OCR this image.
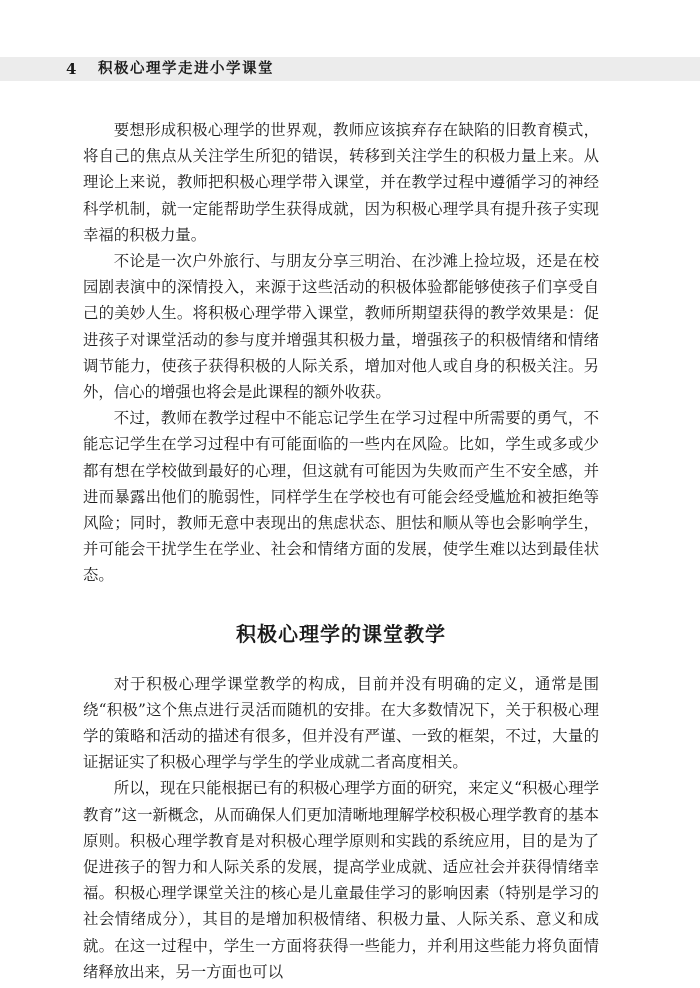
4 积极心理学走进小学课堂

要想形成积极心理学的世界观，教师应该摈弃存在缺陷的旧教育模式，将自己的焦点从关注学生所犯的错误，转移到关注学生的积极力量上来。从理论上来说，教师把积极心理学带入课堂，并在教学过程中遵循学习的神经科学机制，就一定能帮助学生获得成就，因为积极心理学具有提升孩子实现幸福的积极力量。

不论是一次户外旅行、与朋友分享三明治、在沙滩上捡垃圾，还是在校园剧表演中的深情投入，来源于这些活动的积极体验都能够使孩子们享受自己的美妙人生。将积极心理学带入课堂，教师所期望获得的教学效果是：促进孩子对课堂活动的参与度并增强其积极力量，增强孩子的积极情绪和情绪调节能力，使孩子获得积极的人际关系，增加对他人或自身的积极关注。另外，信心的增强也将会是此课程的额外收获。

不过，教师在教学过程中不能忘记学生在学习过程中所需要的勇气，不能忘记学生在学习过程中有可能面临的一些内在风险。比如，学生或多或少都有想在学校做到最好的心理，但这就有可能因为失败而产生不安全感，并进而暴露出他们的脆弱性，同样学生在学校也有可能会经受尴尬和被拒绝等风险；同时，教师无意中表现出的焦虑状态、胆怯和顺从等也会影响学生，并可能会干扰学生在学业、社会和情绪方面的发展，使学生难以达到最佳状态。

积极心理学的课堂教学

对于积极心理学课堂教学的构成，目前并没有明确的定义，通常是围绕“积极”这个焦点进行灵活而随机的安排。在大多数情况下，关于积极心理学的策略和活动的描述有很多，但并没有严谨、一致的框架，不过，大量的证据证实了积极心理学与学生的学业成就二者高度相关。

所以，现在只能根据已有的积极心理学方面的研究，来定义“积极心理学教育”这一新概念，从而确保人们更加清晰地理解学校积极心理学教育的基本原则。积极心理学教育是对积极心理学原则和实践的系统应用，目的是为了促进孩子的智力和人际关系的发展，提高学业成就、适应社会并获得情绪幸福。积极心理学课堂关注的核心是儿童最佳学习的影响因素（特别是学习的社会情绪成分），其目的是增加积极情绪、积极力量、人际关系、意义和成就。在这一过程中，学生一方面将获得一些能力，并利用这些能力将负面情绪释放出来，另一方面也可以
